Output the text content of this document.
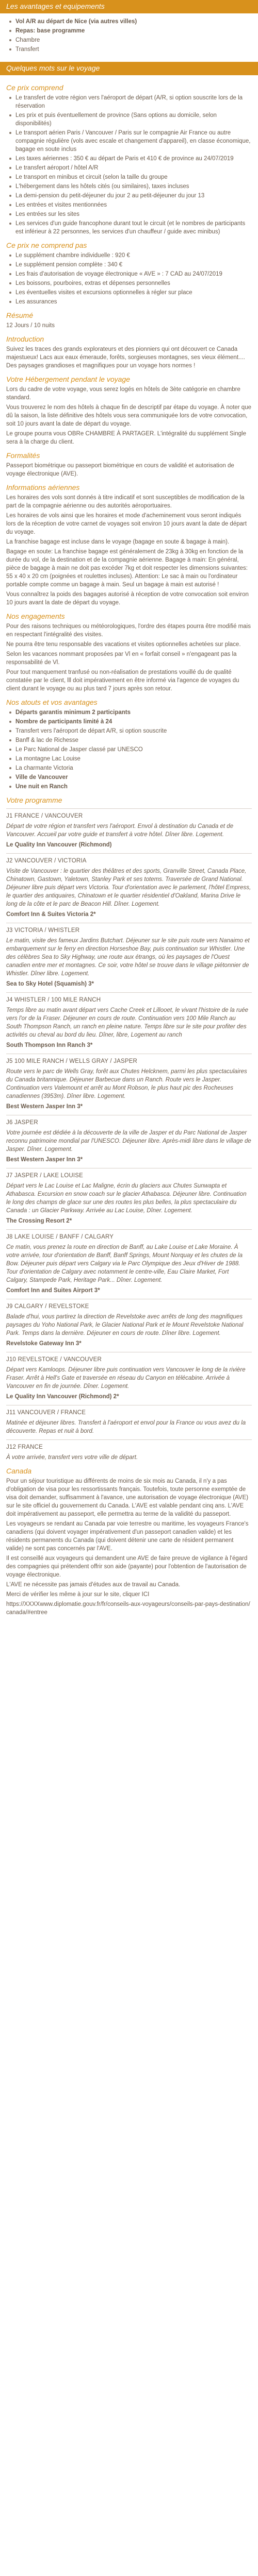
Les avantages et equipements
Vol A/R au départ de Nice (via autres villes)
Repas: base programme
Chambre
Transfert
Quelques mots sur le voyage
Ce prix comprend
Le transfert de votre région vers l'aéroport de départ (A/R, si option souscrite lors de la réservation
Les prix et puis éventuellement de province (Sans options au domicile, selon disponibilités)
Le transport aérien Paris / Vancouver / Paris sur le compagnie Air France ou autre compagnie régulière (vols avec escale et changement d'appareil), en classe économique, bagage en soute inclus
Les taxes aériennes : 350 € au départ de Paris et 410 € de province au 24/07/2019
Le transfert aéroport / hôtel A/R
Le transport en minibus et circuit (selon la taille du groupe
L'hébergement dans les hôtels cités (ou similaires), taxes incluses
La demi-pension du petit-déjeuner du jour 2 au petit-déjeuner du jour 13
Les entrées et visites mentionnées
Les entrées sur les sites
Les services d'un guide francophone durant tout le circuit (et le nombres de participants est inférieur à 22 personnes, les services d'un chauffeur / guide avec minibus)
Ce prix ne comprend pas
Le supplément chambre individuelle : 920 €
Le supplément pension complète : 340 €
Les frais d'autorisation de voyage électronique « AVE » : 7 CAD au 24/07/2019
Les boissons, pourboires, extras et dépenses personnelles
Les éventuelles visites et excursions optionnelles à régler sur place
Les assurances
Résumé

12 Jours / 10 nuits

Introduction

Suivez les traces des grands explorateurs et des pionniers qui ont découvert ce Canada majestueux! Lacs aux eaux émeraude, forêts, sorgieuses montagnes, ses vieux élément.... Des paysages grandioses et magnifiques pour un voyage hors normes !

Votre Hébergement pendant le voyage

Lors du cadre de votre voyage, vous serez logés en hôtels de 3ète catégorie en chambre standard.

Vous trouverez le nom des hôtels à chaque fin de descriptif par étape du voyage. À noter que dû la saison, la liste définitive des hôtels vous sera communiquée lors de votre convocation, soit 10 jours avant la date de départ du voyage.

Le groupe pourra vous OBRe CHAMBRE À PARTAGER. L'intégralité du supplément Single sera à la charge du client.

Formalités

Passeport biométrique ou passeport biométrique en cours de validité et autorisation de voyage électronique (AVE).

Informations aériennes

Les horaires des vols sont donnés à titre indicatif et sont susceptibles de modification de la part de la compagnie aérienne ou des autorités aéroportuaires.

Les horaires de vols ainsi que les horaires et mode d'acheminement vous seront indiqués lors de la réception de votre carnet de voyages soit environ 10 jours avant la date de départ du voyage.

La franchise bagage est incluse dans le voyage (bagage en soute & bagage à main).

Bagage en soute: La franchise bagage est généralement de 23kg à 30kg en fonction de la durée du vol, de la destination et de la compagnie aérienne. Bagage à main: En général, pièce de bagage à main ne doit pas excéder 7kg et doit respecter les dimensions suivantes: 55 x 40 x 20 cm (poignées et roulettes incluses). Attention: Le sac à main ou l'ordinateur portable compte comme un bagage à main. Seul un bagage à main est autorisé !

Vous connaîtrez la poids des bagages autorisé à réception de votre convocation soit environ 10 jours avant la date de départ du voyage.

Nos engagements

Pour des raisons techniques ou météorologiques, l'ordre des étapes pourra être modifié mais en respectant l'intégralité des visites.

Ne pourra être tenu responsable des vacations et visites optionnelles achetées sur place.

Selon les vacances nommant proposées par Vl en « forfait conseil » n'engageant pas la responsabilité de Vl.

Pour tout manquement tranfusé ou non-réalisation de prestations vouillé du de qualité constatée par le client, lll doit impérativement en être informé via l'agence de voyages du client durant le voyage ou au plus tard 7 jours après son retour.

Nos atouts et vos avantages
Départs garantis minimum 2 participants
Nombre de participants limité à 24
Transfert vers l'aéroport de départ A/R, si option souscrite
Banff & lac de Richesse
Le Parc National de Jasper classé par UNESCO
La montagne Lac Louise
La charmante Victoria
Ville de Vancouver
Une nuit en Ranch
Votre programme
J1 FRANCE / VANCOUVER

Départ de votre région et transfert vers l'aéroport. Envol à destination du Canada et de Vancouver. Accueil par votre guide et transfert à votre hôtel. Dîner libre. Logement.

Le Quality Inn Vancouver (Richmond)

J2 VANCOUVER / VICTORIA

Visite de Vancouver : le quartier des théâtres et des sports, Granville Street, Canada Place, Chinatown, Gastown, Yaletown, Stanley Park et ses totems. Traversée de Grand National. Déjeuner libre puis départ vers Victoria. Tour d'orientation avec le parlement, l'hôtel Empress, le quartier des antiquaires, Chinatown et le quartier résidentiel d'Oakland, Marina Drive le long de la côte et le parc de Beacon Hill. Dîner. Logement.

Comfort Inn & Suites Victoria 2*

J3 VICTORIA / WHISTLER

Le matin, visite des fameux Jardins Butchart. Déjeuner sur le site puis route vers Nanaimo et embarquement sur le ferry en direction Horseshoe Bay, puis continuation sur Whistler. Une des célèbres Sea to Sky Highway, une route aux étrangs, où les paysages de l'Ouest canadien entre mer et montagnes. Ce soir, votre hôtel se trouve dans le village piétonnier de Whistler. Dîner libre. Logement.

Sea to Sky Hotel (Squamish) 3*

J4 WHISTLER / 100 MILE RANCH

Temps libre au matin avant départ vers Cache Creek et Lillooet, le vivant l'histoire de la ruée vers l'or de la Fraser. Déjeuner en cours de route. Continuation vers 100 Mile Ranch au South Thompson Ranch, un ranch en pleine nature. Temps libre sur le site pour profiter des activités ou cheval au bord du lieu. Dîner, libre, Logement au ranch

South Thompson Inn Ranch 3*

J5 100 MILE RANCH / WELLS GRAY / JASPER

Route vers le parc de Wells Gray, forêt aux Chutes Helcknem, parmi les plus spectaculaires du Canada britannique. Déjeuner Barbecue dans un Ranch. Route vers le Jasper. Continuation vers Valemount et arrêt au Mont Robson, le plus haut pic des Rocheuses canadiennes (3953m). Dîner libre. Logement.

Best Western Jasper Inn 3*

J6 JASPER

Votre journée est dédiée à la découverte de la ville de Jasper et du Parc National de Jasper reconnu patrimoine mondial par l'UNESCO. Déjeuner libre. Après-midi libre dans le village de Jasper. Dîner. Logement.

Best Western Jasper Inn 3*

J7 JASPER / LAKE LOUISE

Départ vers le Lac Louise et Lac Maligne, écrin du glaciers aux Chutes Sunwapta et Athabasca. Excursion en snow coach sur le glacier Athabasca. Déjeuner libre. Continuation le long des champs de glace sur une des routes les plus belles, la plus spectaculaire du Canada : un Glacier Parkway. Arrivée au Lac Louise, Dîner. Logement.

The Crossing Resort 2*

J8 LAKE LOUISE / BANFF / CALGARY

Ce matin, vous prenez la route en direction de Banff, au Lake Louise et Lake Moraine. À votre arrivée, tour d'orientation de Banff, Banff Springs, Mount Norquay et les chutes de la Bow. Déjeuner puis départ vers Calgary via le Parc Olympique des Jeux d'Hiver de 1988. Tour d'orientation de Calgary avec notamment le centre-ville, Eau Claire Market, Fort Calgary, Stampede Park, Heritage Park... Dîner. Logement.

Comfort Inn and Suites Airport 3*

J9 CALGARY / REVELSTOKE

Balade d'hui, vous partirez la direction de Revelstoke avec arrêts de long des magnifiques paysages du Yoho National Park, le Glacier National Park et le Mount Revelstoke National Park. Temps dans la dernière. Déjeuner en cours de route. Dîner libre. Logement.

Revelstoke Gateway Inn 3*

J10 REVELSTOKE / VANCOUVER

Départ vers Kamloops. Déjeuner libre puis continuation vers Vancouver le long de la rivière Fraser. Arrêt à Hell's Gate et traversée en réseau du Canyon en télécabine. Arrivée à Vancouver en fin de journée. Dîner. Logement.

Le Quality Inn Vancouver (Richmond) 2*

J11 VANCOUVER / FRANCE

Matinée et déjeuner libres. Transfert à l'aéroport et envol pour la France ou vous avez du la découverte. Repas et nuit à bord.

J12 FRANCE

À votre arrivée, transfert vers votre ville de départ.

Canada

Pour un séjour touristique au différents de moins de six mois au Canada, il n'y a pas d'obligation de visa pour les ressortissants français. Toutefois, toute personne exemptée de visa doit demander, suffisamment à l'avance, une autorisation de voyage électronique (AVE) sur le site officiel du gouvernement du Canada. L'AVE est valable pendant cinq ans. L'AVE doit impérativement au passeport, elle permettra au terme de la validité du passeport.

Les voyageurs se rendant au Canada par voie terrestre ou maritime, les voyageurs France's canadiens (qui doivent voyager impérativement d'un passeport canadien valide) et les résidents permanents du Canada (qui doivent détenir une carte de résident permanent valide) ne sont pas concernés par l'AVE.

Il est conseillé aux voyageurs qui demandent une AVE de faire preuve de vigilance à l'égard des compagnies qui prétendent offrir son aide (payante) pour l'obtention de l'autorisation de voyage électronique.

L'AVE ne nécessite pas jamais d'études aux de travail au Canada.

Merci de vérifier les même à jour sur le site, cliquer ICI

https://XXXXwww.diplomatie.gouv.fr/fr/conseils-aux-voyageurs/conseils-par-pays-destination/canada/#entree
